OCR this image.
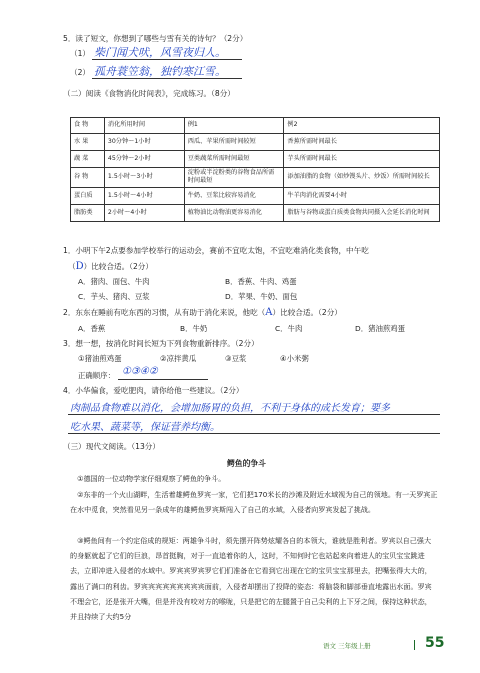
5．读了短文，你想到了哪些与雪有关的诗句？（2分）
（1） 柴门闻犬吠，风雪夜归人。
（2） 孤舟蓑笠翁，独钓寒江雪。
（二）阅读《食物消化时间表》，完成练习。（8分）
食 物	消化所用时间	例1	例2
水 果	30分钟～1小时	西瓜、苹果所需时间较短	香蕉所需时间最长
蔬 菜	45分钟～2小时	豆类蔬菜所需时间最短	芋头所需时间最长
谷 物	1.5小时～3小时	淀粉或半淀粉类的谷物食品所需时间最短	添加油脂的食物（如炒馒头片、炒饭）所需时间较长
蛋白质	1.5小时～4小时	牛奶、豆浆比较容易消化	牛羊肉消化需要4小时
脂肪类	2小时～4小时	植物油比动物油更容易消化	脂肪与谷物或蛋白质类食物共同摄入会延长消化时间
1．小明下午2点要参加学校举行的运动会，赛前不宜吃太饱，不宜吃难消化类食物，中午吃
（D）比较合适。（2分）
A．猪肉、面包、牛肉	B．香蕉、牛肉、鸡蛋
C．芋头、猪肉、豆浆	D．苹果、牛奶、面包
2．东东在睡前有吃东西的习惯，从有助于消化来说，他吃（A）比较合适。（2分）
A．香蕉	B．牛奶	C．牛肉	D．猪油煎鸡蛋
3．想一想，按消化时间长短为下列食物重新排序。（2分）
①猪油煎鸡蛋	②凉拌黄瓜	③豆浆	④小米粥
正确顺序： ①③④②
4．小华偏食，爱吃肥肉，请你给他一些建议。（2分）
肉制品食物难以消化，会增加肠胃的负担，不利于身体的成长发育；要多
吃水果、蔬菜等，保证营养均衡。
（三）现代文阅读。（13分）
鳄鱼的争斗
①德国的一位动物学家仔细观察了鳄鱼的争斗。
②东非的一个火山湖畔，生活着雄鳄鱼罗宾一家，它们把170米长的沙滩及附近水域视为自己的领地。有一天罗宾正在水中觅食，突然看见另一条成年的雄鳄鱼罗宾斯闯入了自己的水域，入侵者向罗宾发起了挑战。
③鳄鱼间有一个约定俗成的规矩：两雄争斗时，须先摆开阵势炫耀各自的本领大，谁就是胜利者。罗宾以自己强大的身躯就起了它们的巨浪，昂首挺胸，对于一直追着你的人，这时，不知何时它也站起来向着进人的宝贝宝宝跳进去，立即冲进入侵者的水域中。罗宾宾罗宾罗它们们准备在它看到它出现在它的宝贝宝宝那里去，把嘴张得大大的，露出了满口的利齿。罗宾宾宾宾宾宾宾宾宾面前，入侵者却摆出了投降的姿态：将脑袋和脚部垂直地露出水面。罗宾不理会它，还是张开大嘴，但是并没有咬对方的喉咙，只是把它的左腿置于自己尖利的上下牙之间，保持这种状态，并且持续了大约5分
语文 三年级上册	55
